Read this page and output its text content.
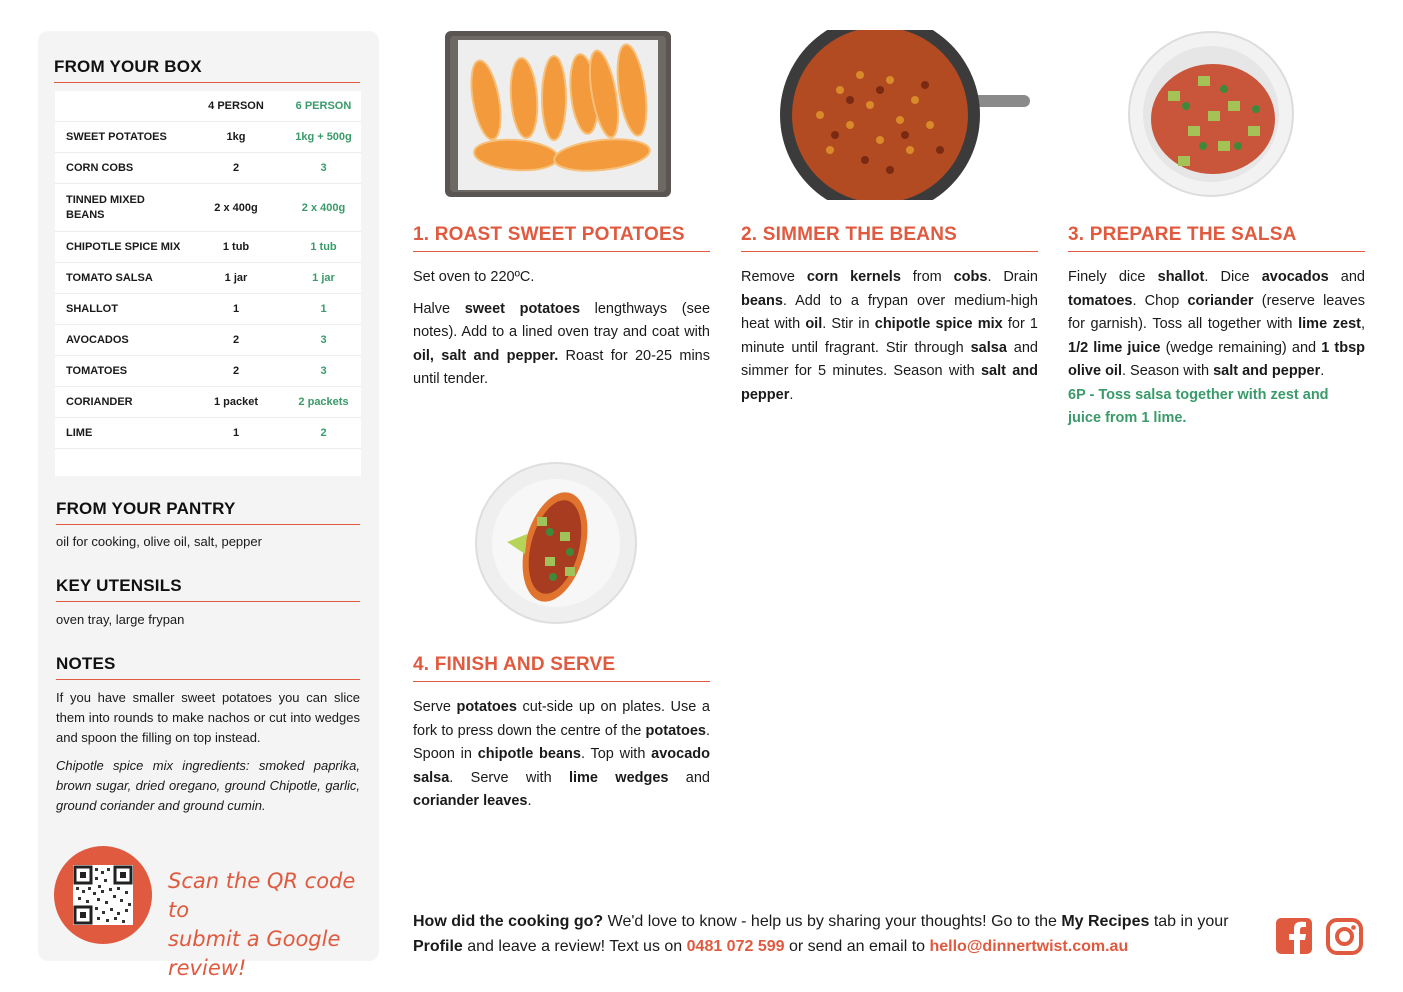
FROM YOUR BOX
	4 PERSON	6 PERSON
SWEET POTATOES	1kg	1kg + 500g
CORN COBS	2	3
TINNED MIXED BEANS	2 x 400g	2 x 400g
CHIPOTLE SPICE MIX	1 tub	1 tub
TOMATO SALSA	1 jar	1 jar
SHALLOT	1	1
AVOCADOS	2	3
TOMATOES	2	3
CORIANDER	1 packet	2 packets
LIME	1	2

FROM YOUR PANTRY
oil for cooking, olive oil, salt, pepper
KEY UTENSILS
oven tray, large frypan
NOTES

If you have smaller sweet potatoes you can slice them into rounds to make nachos or cut into wedges and spoon the filling on top instead.

Chipotle spice mix ingredients: smoked paprika, brown sugar, dried oregano, ground Chipotle, garlic, ground coriander and ground cumin.

Scan the QR code to
submit a Google review!
1. ROAST SWEET POTATOES

Set oven to 220ºC.

Halve sweet potatoes lengthways (see notes). Add to a lined oven tray and coat with oil, salt and pepper. Roast for 20-25 mins until tender.

2. SIMMER THE BEANS

Remove corn kernels from cobs. Drain beans. Add to a frypan over medium-high heat with oil. Stir in chipotle spice mix for 1 minute until fragrant. Stir through salsa and simmer for 5 minutes. Season with salt and pepper.

3. PREPARE THE SALSA

Finely dice shallot. Dice avocados and tomatoes. Chop coriander (reserve leaves for garnish). Toss all together with lime zest, 1/2 lime juice (wedge remaining) and 1 tbsp olive oil. Season with salt and pepper.

6P - Toss salsa together with zest and juice from 1 lime.

4. FINISH AND SERVE

Serve potatoes cut-side up on plates. Use a fork to press down the centre of the potatoes. Spoon in chipotle beans. Top with avocado salsa. Serve with lime wedges and coriander leaves.

How did the cooking go? We'd love to know - help us by sharing your thoughts! Go to the My Recipes tab in your Profile and leave a review! Text us on 0481 072 599 or send an email to hello@dinnertwist.com.au
